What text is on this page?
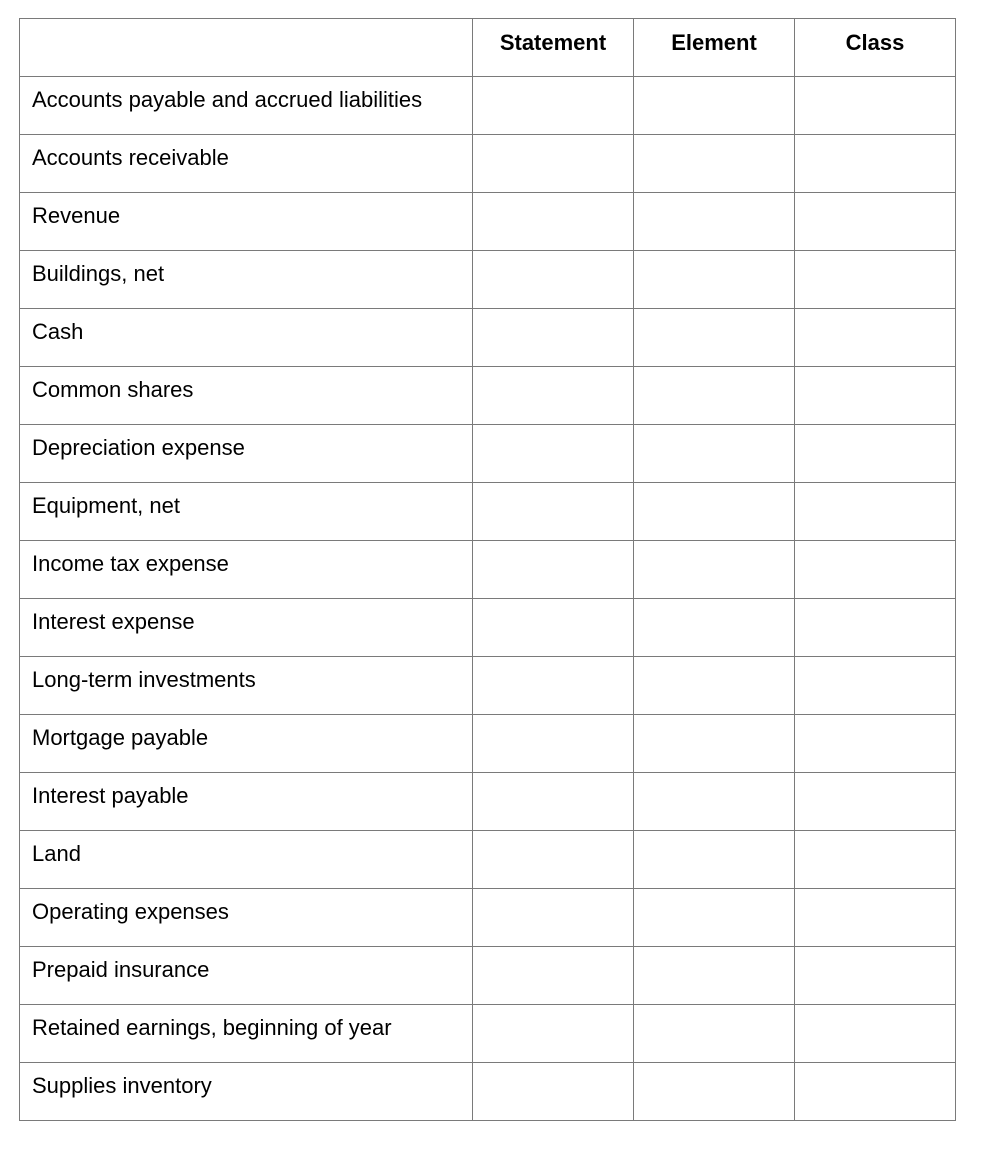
	Statement	Element	Class

Accounts payable and accrued liabilities			

Accounts receivable			

Revenue			

Buildings, net			

Cash			

Common shares			

Depreciation expense			

Equipment, net			

Income tax expense			

Interest expense			

Long-term investments			

Mortgage payable			

Interest payable			

Land			

Operating expenses			

Prepaid insurance			

Retained earnings, beginning of year			

Supplies inventory			
